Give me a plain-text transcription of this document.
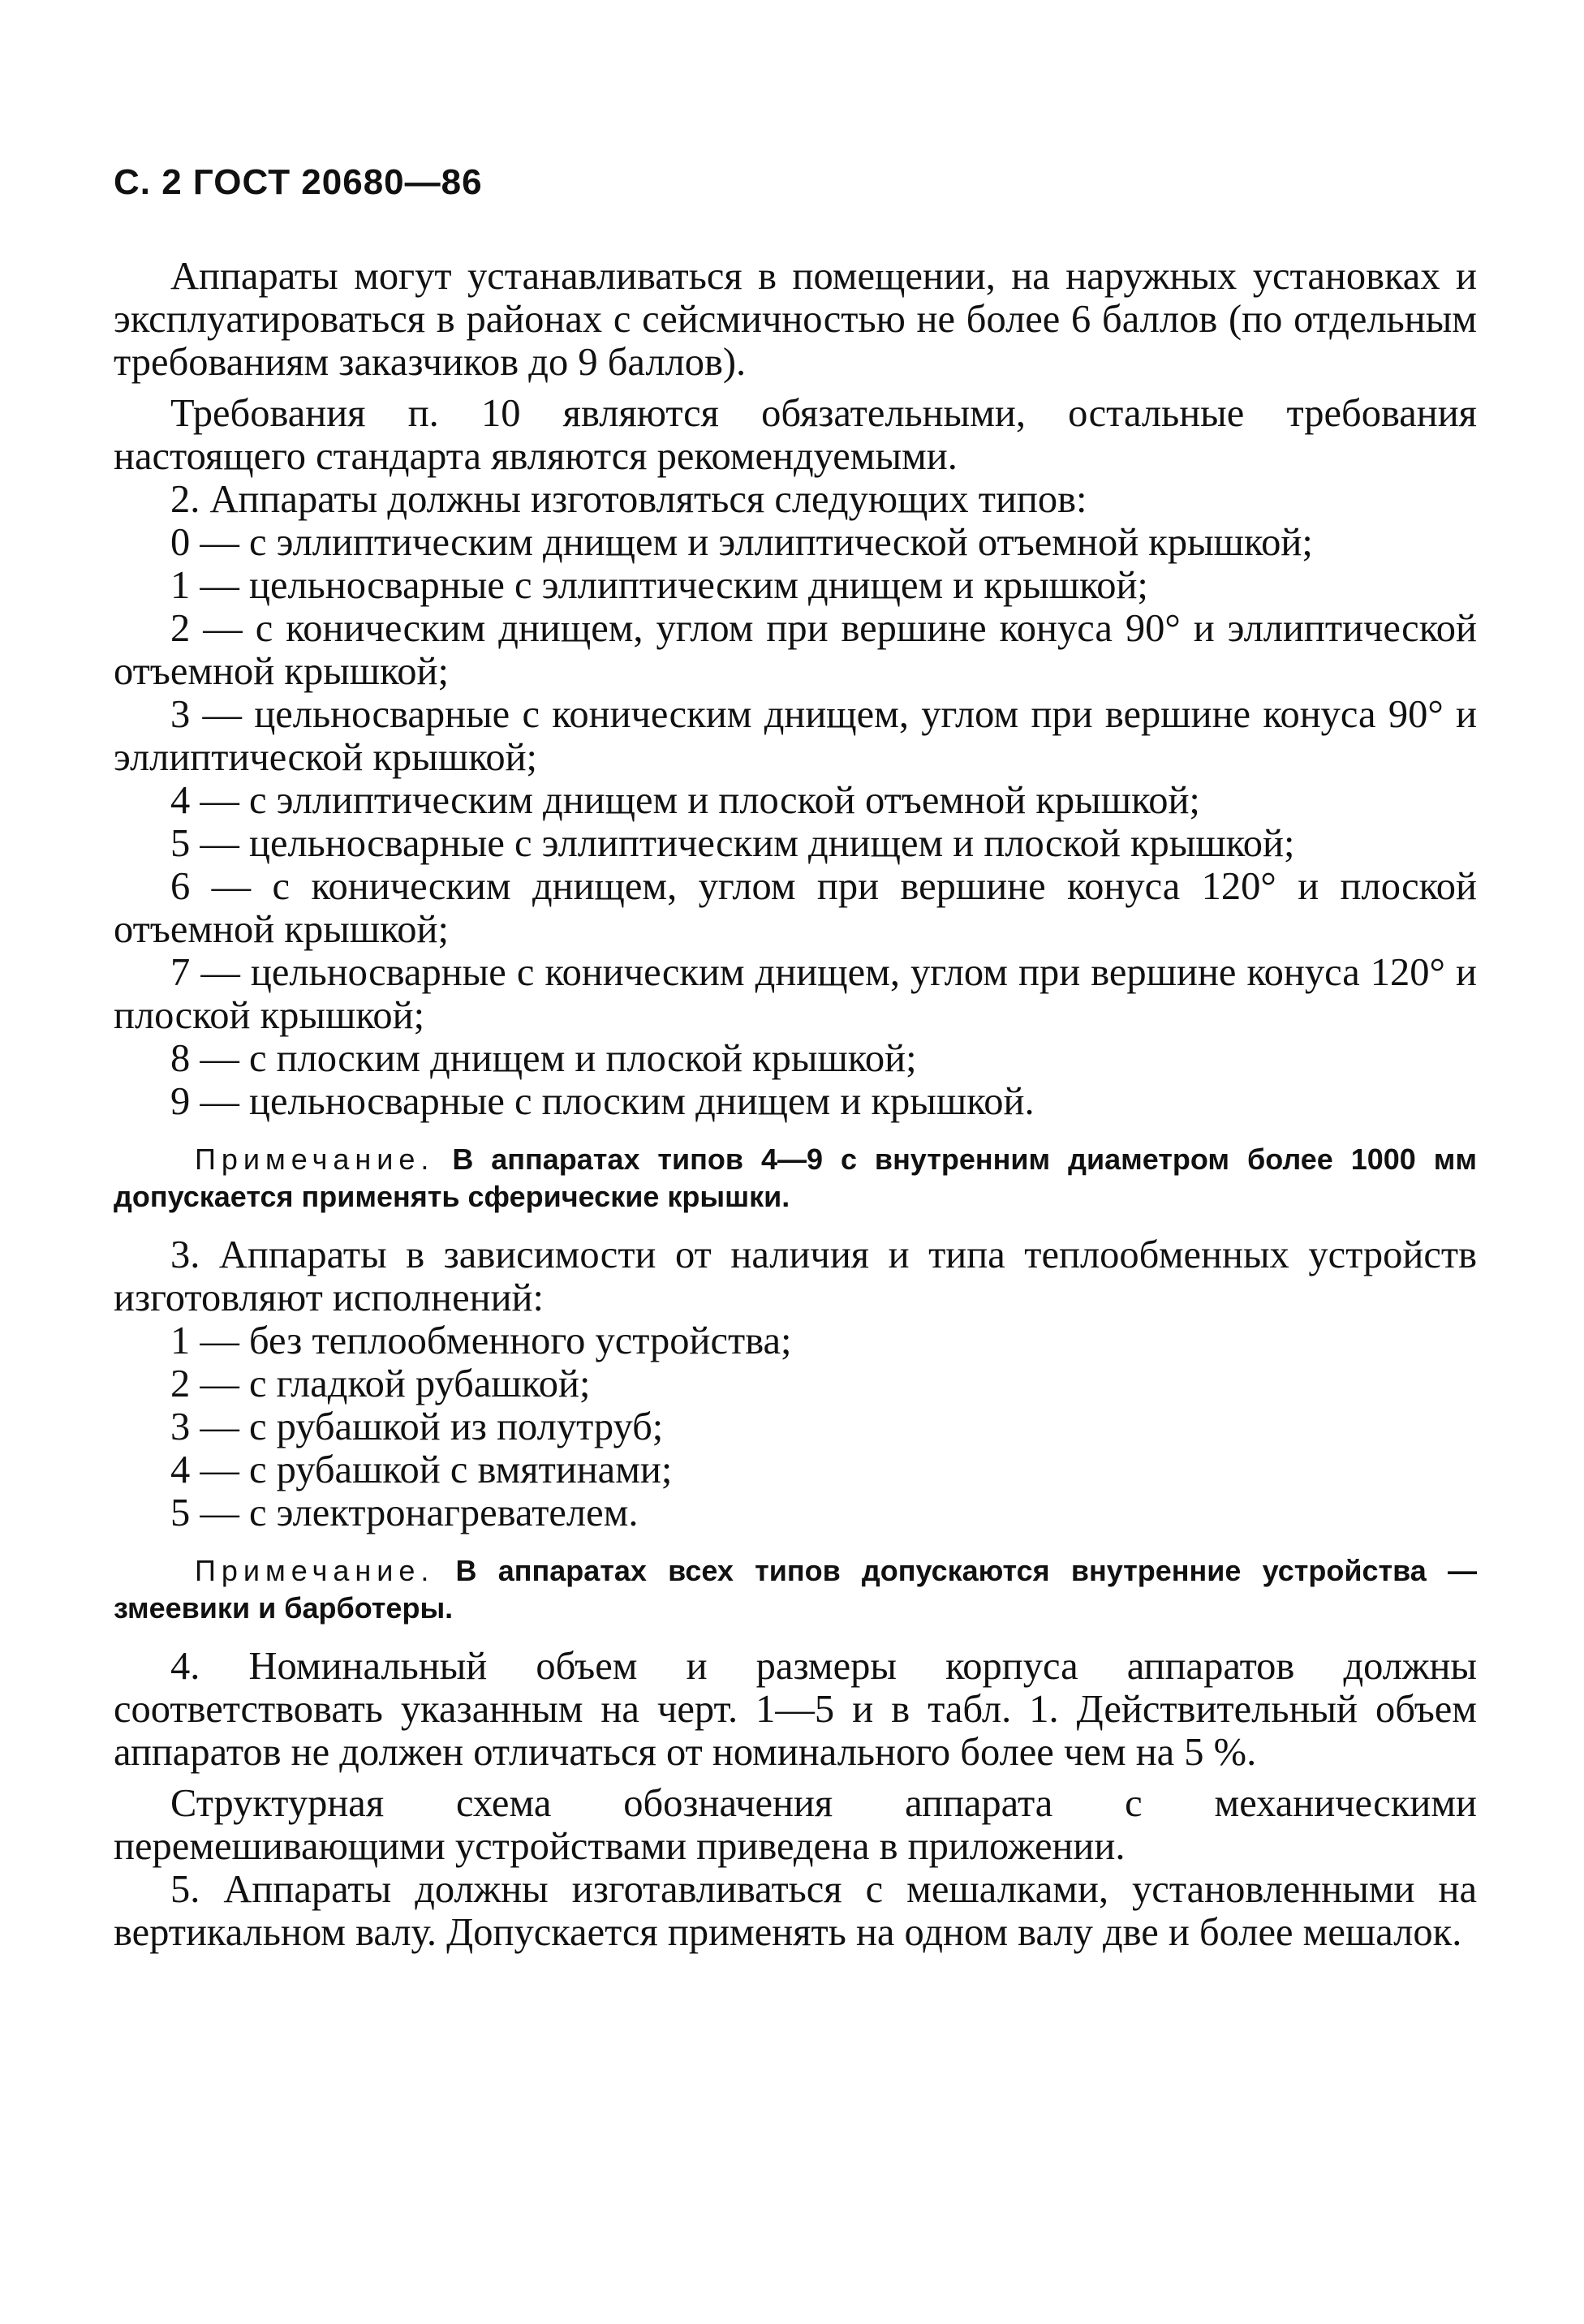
С. 2 ГОСТ 20680—86

Аппараты могут устанавливаться в помещении, на наружных установках и эксплуатироваться в районах с сейсмичностью не более 6 баллов (по отдельным требованиям заказчиков до 9 баллов).

Требования п. 10 являются обязательными, остальные требования настоящего стандарта являются рекомендуемыми.

2. Аппараты должны изготовляться следующих типов:

0 — с эллиптическим днищем и эллиптической отъемной крышкой;

1 — цельносварные с эллиптическим днищем и крышкой;

2 — с коническим днищем, углом при вершине конуса 90° и эллиптической отъемной крышкой;

3 — цельносварные с коническим днищем, углом при вершине конуса 90° и эллиптической крышкой;

4 — с эллиптическим днищем и плоской отъемной крышкой;

5 — цельносварные с эллиптическим днищем и плоской крышкой;

6 — с коническим днищем, углом при вершине конуса 120° и плоской отъемной крышкой;

7 — цельносварные с коническим днищем, углом при вершине конуса 120° и плоской крышкой;

8 — с плоским днищем и плоской крышкой;

9 — цельносварные с плоским днищем и крышкой.

Примечание. В аппаратах типов 4—9 с внутренним диаметром более 1000 мм допускается применять сферические крышки.

3. Аппараты в зависимости от наличия и типа теплообменных устройств изготовляют исполнений:

1 — без теплообменного устройства;

2 — с гладкой рубашкой;

3 — с рубашкой из полутруб;

4 — с рубашкой с вмятинами;

5 — с электронагревателем.

Примечание. В аппаратах всех типов допускаются внутренние устройства — змеевики и барботеры.

4. Номинальный объем и размеры корпуса аппаратов должны соответствовать указанным на черт. 1—5 и в табл. 1. Действительный объем аппаратов не должен отличаться от номинального более чем на 5 %.

Структурная схема обозначения аппарата с механическими перемешивающими устройствами приведена в приложении.

5. Аппараты должны изготавливаться с мешалками, установленными на вертикальном валу. Допускается применять на одном валу две и более мешалок.
